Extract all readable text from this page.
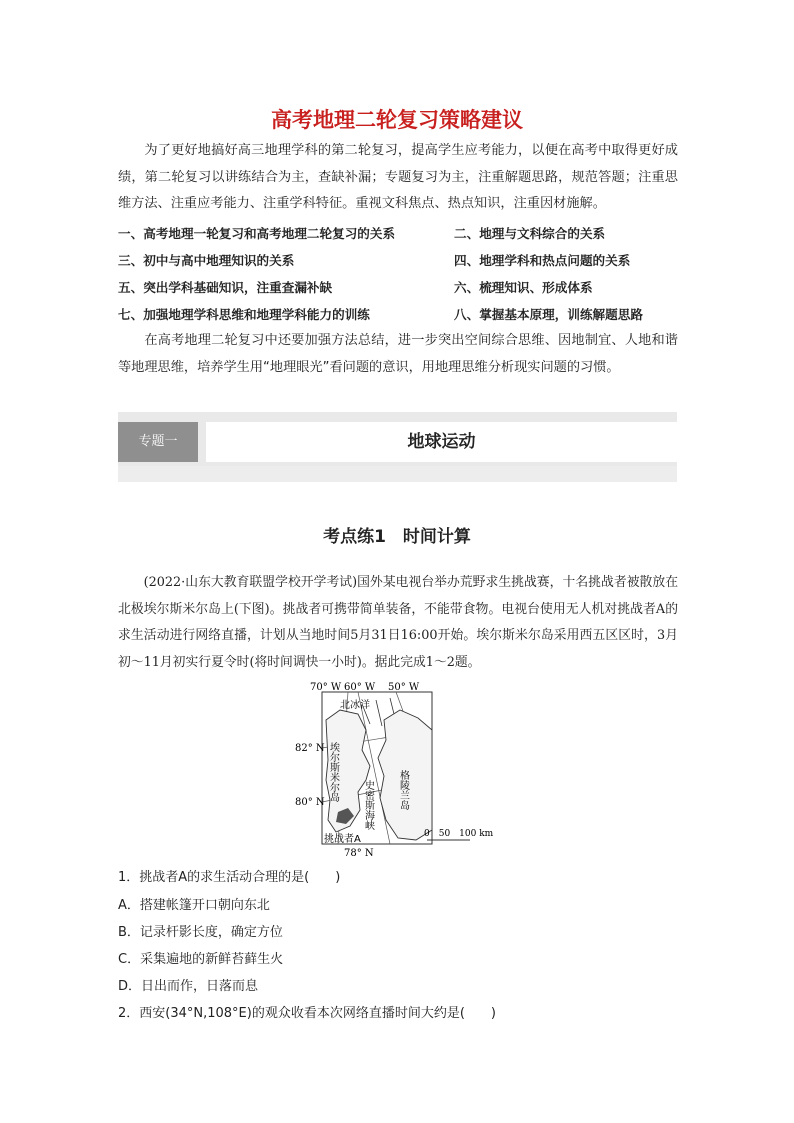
高考地理二轮复习策略建议

为了更好地搞好高三地理学科的第二轮复习，提高学生应考能力，以便在高考中取得更好成绩，第二轮复习以讲练结合为主，查缺补漏；专题复习为主，注重解题思路，规范答题；注重思维方法、注重应考能力、注重学科特征。重视文科焦点、热点知识，注重因材施解。

一、高考地理一轮复习和高考地理二轮复习的关系	二、地理与文科综合的关系
三、初中与高中地理知识的关系	四、地理学科和热点问题的关系
五、突出学科基础知识，注重查漏补缺	六、梳理知识、形成体系
七、加强地理学科思维和地理学科能力的训练	八、掌握基本原理，训练解题思路

在高考地理二轮复习中还要加强方法总结，进一步突出空间综合思维、因地制宜、人地和谐等地理思维，培养学生用“地理眼光”看问题的意识，用地理思维分析现实问题的习惯。

专题一	地球运动
考点练1　时间计算

(2022·山东大教育联盟学校开学考试)国外某电视台举办荒野求生挑战赛，十名挑战者被散放在北极埃尔斯米尔岛上(下图)。挑战者可携带简单装备，不能带食物。电视台使用无人机对挑战者A的求生活动进行网络直播，计划从当地时间5月31日16:00开始。埃尔斯米尔岛采用西五区区时，3月初～11月初实行夏令时(将时间调快一小时)。据此完成1～2题。

70° W 60° W 50° W
82° N
80° N
78° N
北冰洋
埃尔斯米尔岛	格陵兰岛
史密斯海峡
挑战者A	0　50　100 km
1．挑战者A的求生活动合理的是(　　)
A．搭建帐篷开口朝向东北
B．记录杆影长度，确定方位
C．采集遍地的新鲜苔藓生火
D．日出而作，日落而息
2．西安(34°N,108°E)的观众收看本次网络直播时间大约是(　　)
